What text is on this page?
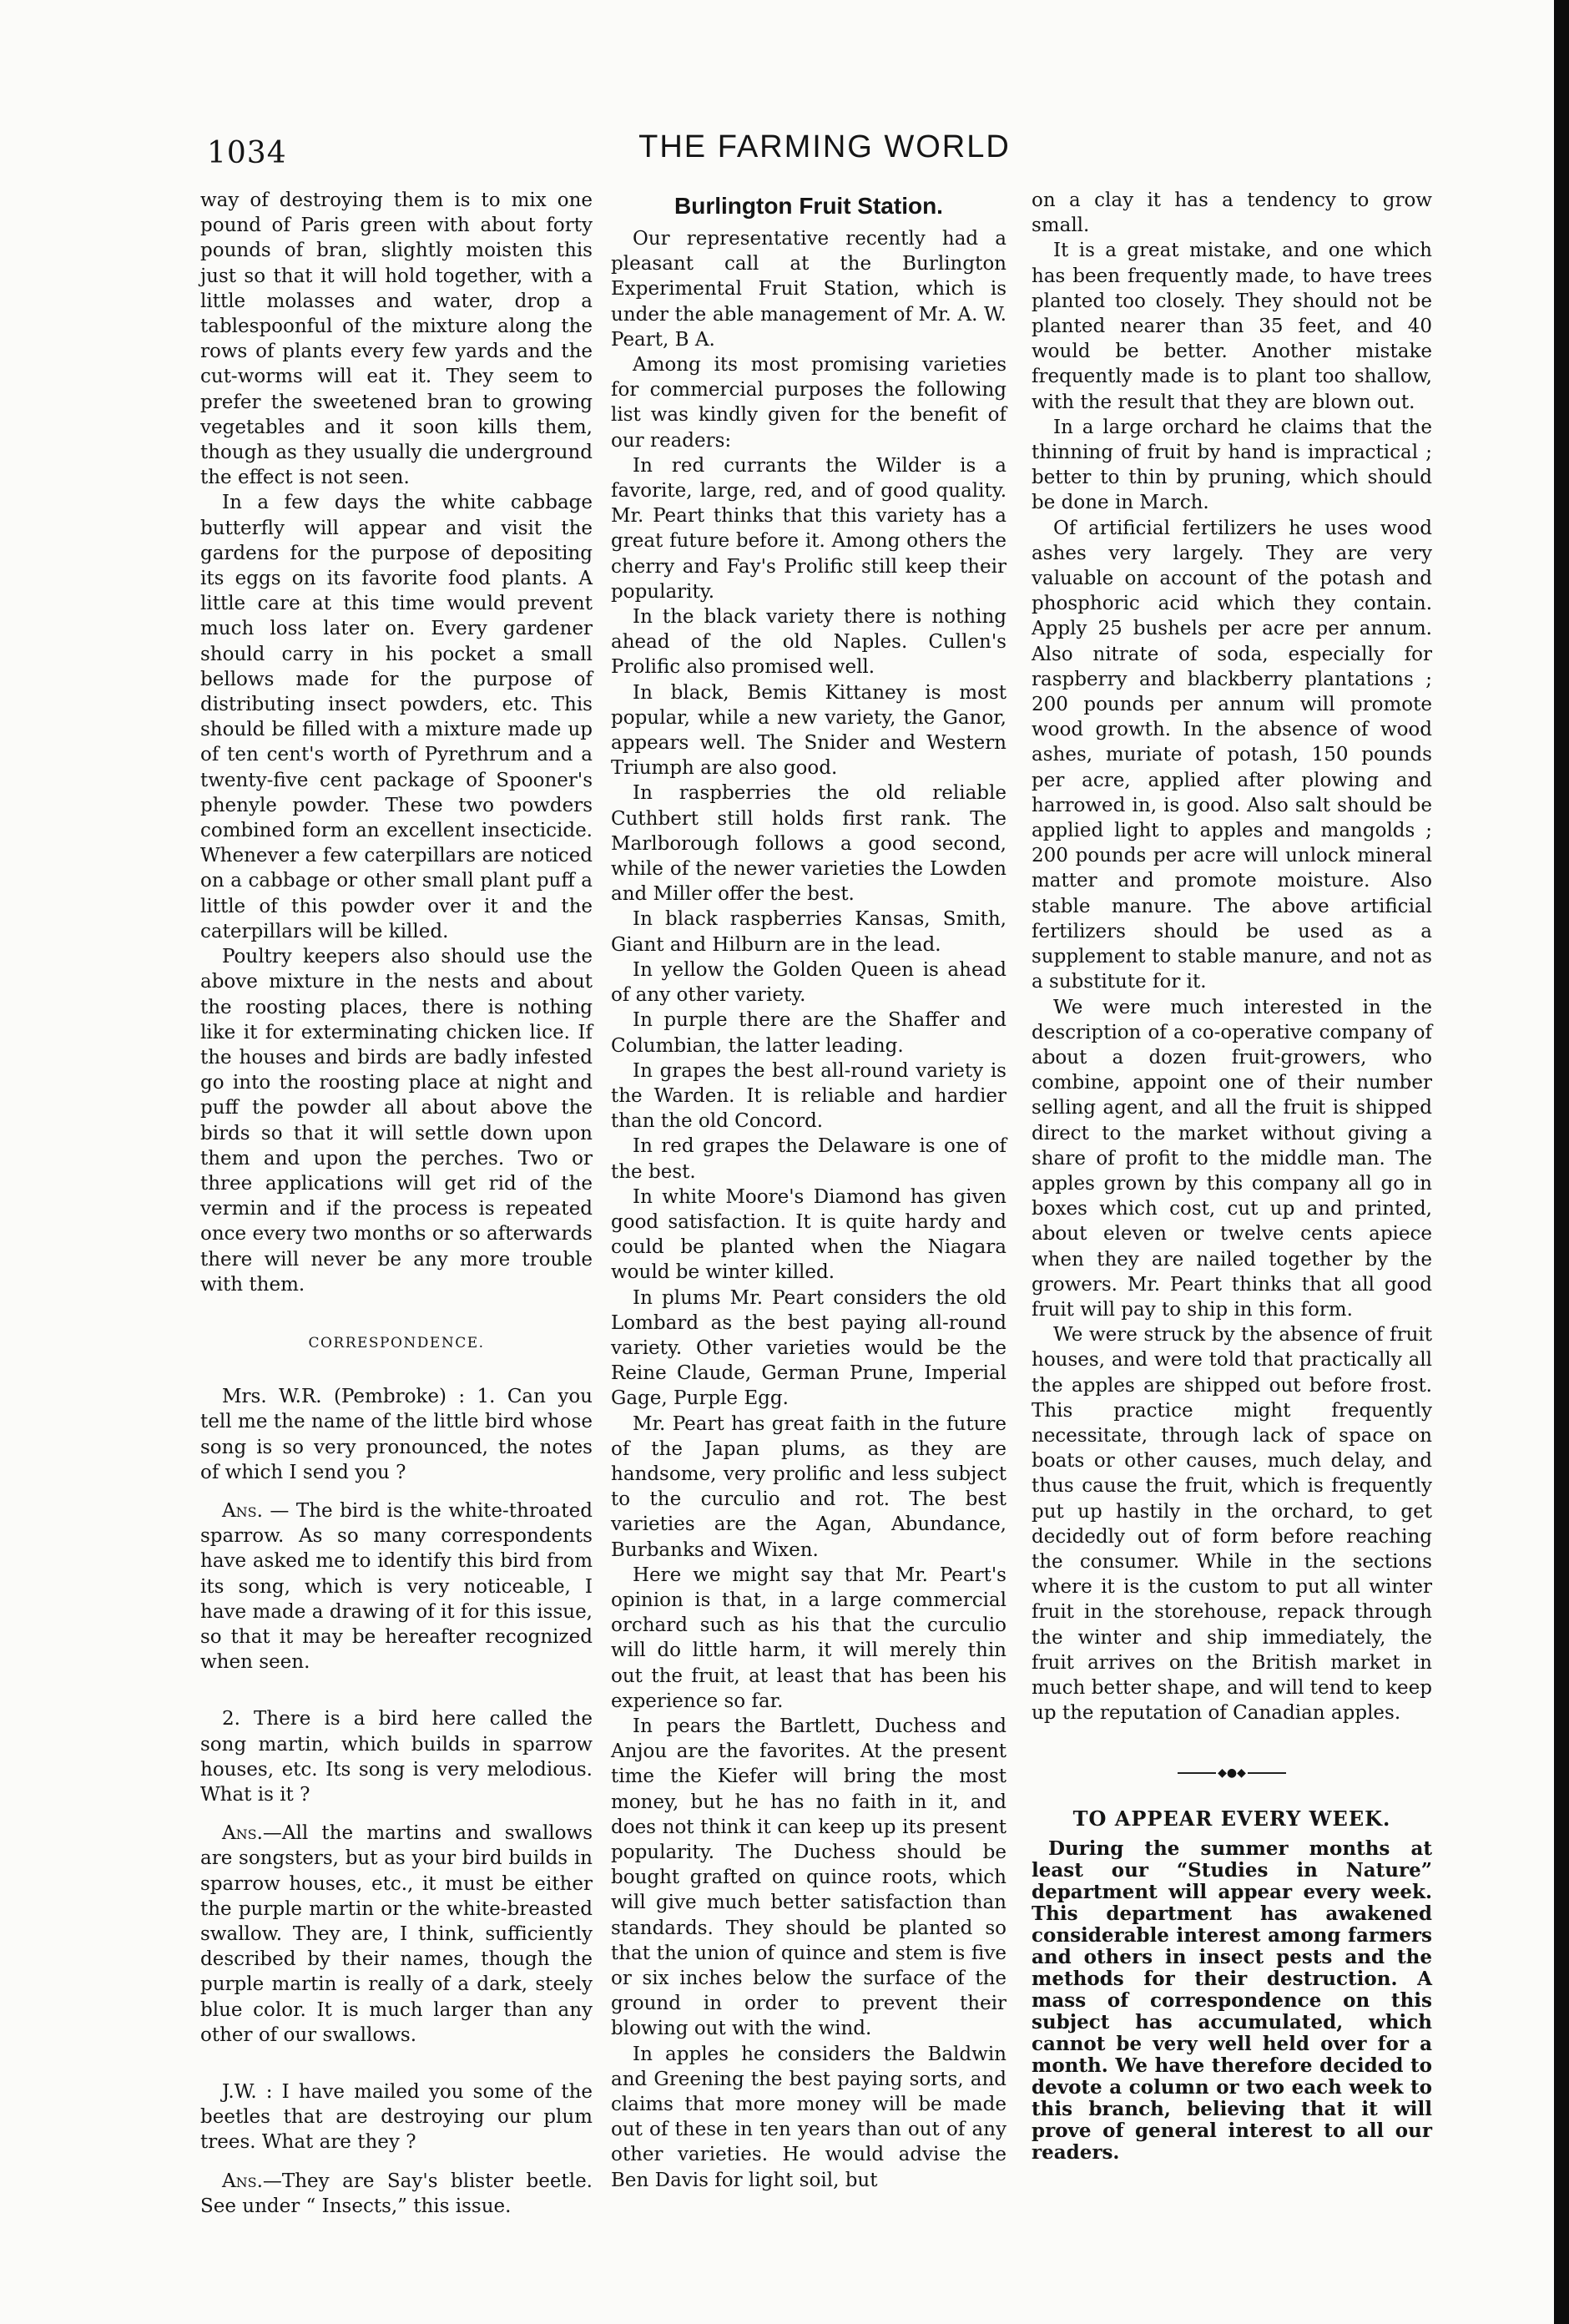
1034	THE FARMING WORLD

way of destroying them is to mix one pound of Paris green with about forty pounds of bran, slightly moisten this just so that it will hold together, with a little molasses and water, drop a tablespoonful of the mixture along the rows of plants every few yards and the cut-worms will eat it. They seem to prefer the sweetened bran to growing vegetables and it soon kills them, though as they usually die underground the effect is not seen.

In a few days the white cabbage butterfly will appear and visit the gardens for the purpose of depositing its eggs on its favorite food plants. A little care at this time would prevent much loss later on. Every gardener should carry in his pocket a small bellows made for the purpose of distributing insect powders, etc. This should be filled with a mixture made up of ten cent's worth of Pyrethrum and a twenty-five cent package of Spooner's phenyle powder. These two powders combined form an excellent insecticide. Whenever a few caterpillars are noticed on a cabbage or other small plant puff a little of this powder over it and the caterpillars will be killed.

Poultry keepers also should use the above mixture in the nests and about the roosting places, there is nothing like it for exterminating chicken lice. If the houses and birds are badly infested go into the roosting place at night and puff the powder all about above the birds so that it will settle down upon them and upon the perches. Two or three applications will get rid of the vermin and if the process is repeated once every two months or so afterwards there will never be any more trouble with them.

CORRESPONDENCE.

Mrs. W.R. (Pembroke) : 1. Can you tell me the name of the little bird whose song is so very pronounced, the notes of which I send you ?

Ans. — The bird is the white-throated sparrow. As so many correspondents have asked me to identify this bird from its song, which is very noticeable, I have made a drawing of it for this issue, so that it may be hereafter recognized when seen.

2. There is a bird here called the song martin, which builds in sparrow houses, etc. Its song is very melodious. What is it ?

Ans.—All the martins and swallows are songsters, but as your bird builds in sparrow houses, etc., it must be either the purple martin or the white-breasted swallow. They are, I think, sufficiently described by their names, though the purple martin is really of a dark, steely blue color. It is much larger than any other of our swallows.

J.W. : I have mailed you some of the beetles that are destroying our plum trees. What are they ?

Ans.—They are Say's blister beetle. See under “ Insects,” this issue.

Burlington Fruit Station.

Our representative recently had a pleasant call at the Burlington Experimental Fruit Station, which is under the able management of Mr. A. W. Peart, B A.

Among its most promising varieties for commercial purposes the following list was kindly given for the benefit of our readers:

In red currants the Wilder is a favorite, large, red, and of good quality. Mr. Peart thinks that this variety has a great future before it. Among others the cherry and Fay's Prolific still keep their popularity.

In the black variety there is nothing ahead of the old Naples. Cullen's Prolific also promised well.

In black, Bemis Kittaney is most popular, while a new variety, the Ganor, appears well. The Snider and Western Triumph are also good.

In raspberries the old reliable Cuthbert still holds first rank. The Marlborough follows a good second, while of the newer varieties the Lowden and Miller offer the best.

In black raspberries Kansas, Smith, Giant and Hilburn are in the lead.

In yellow the Golden Queen is ahead of any other variety.

In purple there are the Shaffer and Columbian, the latter leading.

In grapes the best all-round variety is the Warden. It is reliable and hardier than the old Concord.

In red grapes the Delaware is one of the best.

In white Moore's Diamond has given good satisfaction. It is quite hardy and could be planted when the Niagara would be winter killed.

In plums Mr. Peart considers the old Lombard as the best paying all-round variety. Other varieties would be the Reine Claude, German Prune, Imperial Gage, Purple Egg.

Mr. Peart has great faith in the future of the Japan plums, as they are handsome, very prolific and less subject to the curculio and rot. The best varieties are the Agan, Abundance, Burbanks and Wixen.

Here we might say that Mr. Peart's opinion is that, in a large commercial orchard such as his that the curculio will do little harm, it will merely thin out the fruit, at least that has been his experience so far.

In pears the Bartlett, Duchess and Anjou are the favorites. At the present time the Kiefer will bring the most money, but he has no faith in it, and does not think it can keep up its present popularity. The Duchess should be bought grafted on quince roots, which will give much better satisfaction than standards. They should be planted so that the union of quince and stem is five or six inches below the surface of the ground in order to prevent their blowing out with the wind.

In apples he considers the Baldwin and Greening the best paying sorts, and claims that more money will be made out of these in ten years than out of any other varieties. He would advise the Ben Davis for light soil, but

on a clay it has a tendency to grow small.

It is a great mistake, and one which has been frequently made, to have trees planted too closely. They should not be planted nearer than 35 feet, and 40 would be better. Another mistake frequently made is to plant too shallow, with the result that they are blown out.

In a large orchard he claims that the thinning of fruit by hand is impractical ; better to thin by pruning, which should be done in March.

Of artificial fertilizers he uses wood ashes very largely. They are very valuable on account of the potash and phosphoric acid which they contain. Apply 25 bushels per acre per annum. Also nitrate of soda, especially for raspberry and blackberry plantations ; 200 pounds per annum will promote wood growth. In the absence of wood ashes, muriate of potash, 150 pounds per acre, applied after plowing and harrowed in, is good. Also salt should be applied light to apples and mangolds ; 200 pounds per acre will unlock mineral matter and promote moisture. Also stable manure. The above artificial fertilizers should be used as a supplement to stable manure, and not as a substitute for it.

We were much interested in the description of a co-operative company of about a dozen fruit-growers, who combine, appoint one of their number selling agent, and all the fruit is shipped direct to the market without giving a share of profit to the middle man. The apples grown by this company all go in boxes which cost, cut up and printed, about eleven or twelve cents apiece when they are nailed together by the growers. Mr. Peart thinks that all good fruit will pay to ship in this form.

We were struck by the absence of fruit houses, and were told that practically all the apples are shipped out before frost. This practice might frequently necessitate, through lack of space on boats or other causes, much delay, and thus cause the fruit, which is frequently put up hastily in the orchard, to get decidedly out of form before reaching the consumer. While in the sections where it is the custom to put all winter fruit in the storehouse, repack through the winter and ship immediately, the fruit arrives on the British market in much better shape, and will tend to keep up the reputation of Canadian apples.

◆●◆
TO APPEAR EVERY WEEK.

During the summer months at least our “Studies in Nature” department will appear every week. This department has awakened considerable interest among farmers and others in insect pests and the methods for their destruction. A mass of correspondence on this subject has accumulated, which cannot be very well held over for a month. We have therefore decided to devote a column or two each week to this branch, believing that it will prove of general interest to all our readers.
